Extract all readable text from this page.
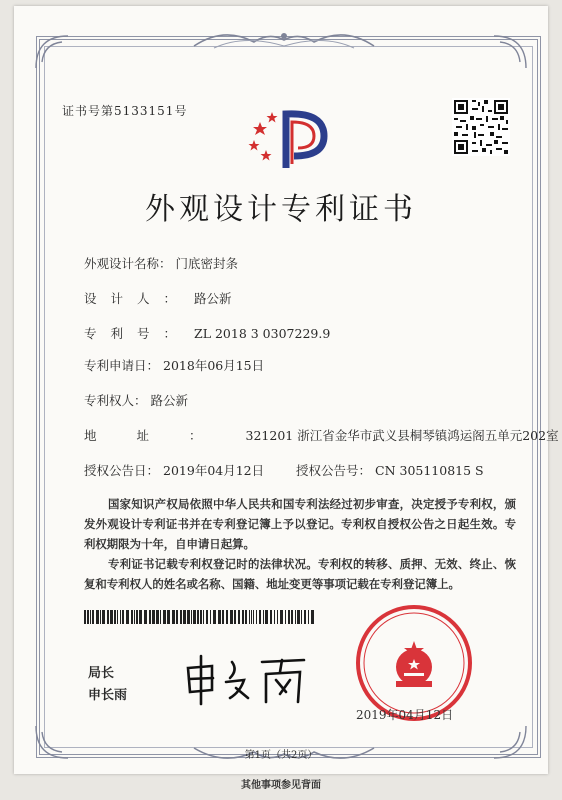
证书号第5133151号
外观设计专利证书
外观设计名称： 门底密封条
设计人： 路公新
专利号： ZL 2018 3 0307229.9
专利申请日： 2018年06月15日
专利权人： 路公新
地址： 321201 浙江省金华市武义县桐琴镇鸿运阁五单元202室
授权公告日： 2019年04月12日	授权公告号： CN 305110815 S
国家知识产权局依照中华人民共和国专利法经过初步审查，决定授予专利权，颁发外观设计专利证书并在专利登记簿上予以登记。专利权自授权公告之日起生效。专利权期限为十年，自申请日起算。
专利证书记载专利权登记时的法律状况。专利权的转移、质押、无效、终止、恢复和专利权人的姓名或名称、国籍、地址变更等事项记载在专利登记簿上。
局长
申长雨
2019年04月12日
第1页（共2页）
其他事项参见背面
